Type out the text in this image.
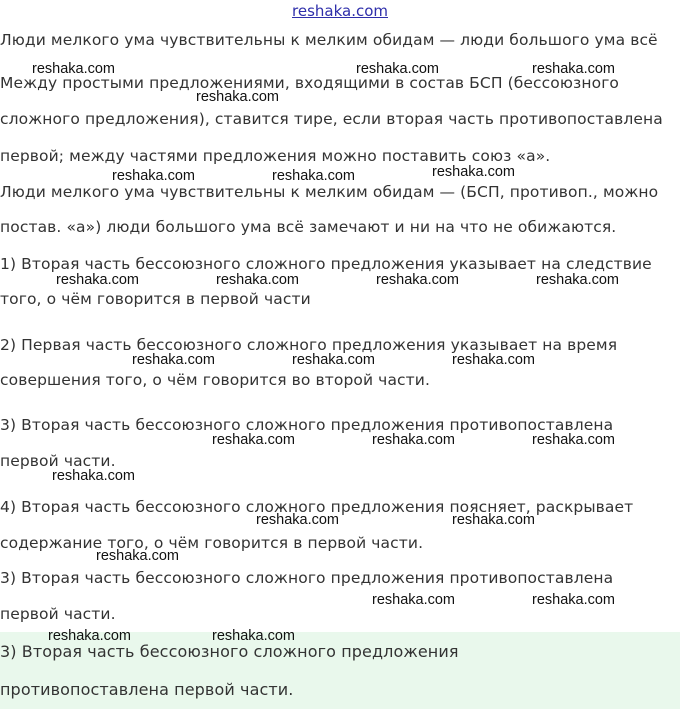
reshaka.com

Люди мелкого ума чувствительны к мелким обидам — люди большого ума всё

Между простыми предложениями, входящими в состав БСП (бессоюзного

сложного предложения), ставится тире, если вторая часть противопоставлена

первой; между частями предложения можно поставить союз «а».

Люди мелкого ума чувствительны к мелким обидам — (БСП, противоп., можно

постав. «а») люди большого ума всё замечают и ни на что не обижаются.

1) Вторая часть бессоюзного сложного предложения указывает на следствие

того, о чём говорится в первой части

2) Первая часть бессоюзного сложного предложения указывает на время

совершения того, о чём говорится во второй части.

3) Вторая часть бессоюзного сложного предложения противопоставлена

первой части.

4) Вторая часть бессоюзного сложного предложения поясняет, раскрывает

содержание того, о чём говорится в первой части.

3) Вторая часть бессоюзного сложного предложения противопоставлена

первой части.

3) Вторая часть бессоюзного сложного предложения

противопоставлена первой части.

reshaka.com	reshaka.com	reshaka.com
reshaka.com
reshaka.com	reshaka.com	reshaka.com
reshaka.com	reshaka.com	reshaka.com	reshaka.com
reshaka.com	reshaka.com	reshaka.com
reshaka.com	reshaka.com	reshaka.com
reshaka.com
reshaka.com	reshaka.com
reshaka.com
reshaka.com	reshaka.com
reshaka.com	reshaka.com
